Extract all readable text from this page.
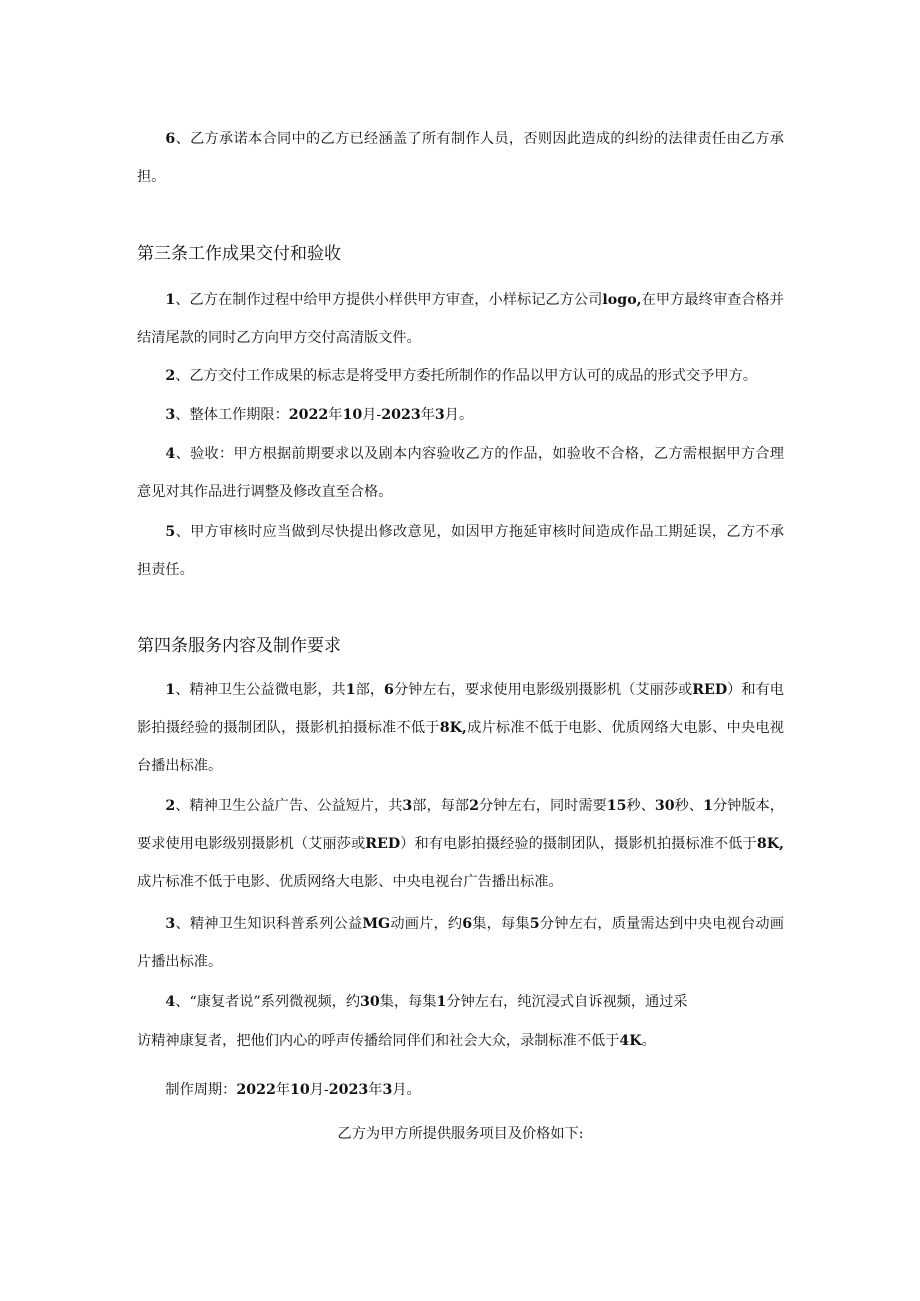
6、乙方承诺本合同中的乙方已经涵盖了所有制作人员，否则因此造成的纠纷的法律责任由乙方承担。

第三条工作成果交付和验收

1、乙方在制作过程中给甲方提供小样供甲方审查，小样标记乙方公司logo,在甲方最终审查合格并结清尾款的同时乙方向甲方交付高清版文件。

2、乙方交付工作成果的标志是将受甲方委托所制作的作品以甲方认可的成品的形式交予甲方。

3、整体工作期限：2022年10月-2023年3月。

4、验收：甲方根据前期要求以及剧本内容验收乙方的作品，如验收不合格，乙方需根据甲方合理意见对其作品进行调整及修改直至合格。

5、甲方审核时应当做到尽快提出修改意见，如因甲方拖延审核时间造成作品工期延误，乙方不承担责任。

第四条服务内容及制作要求

1、精神卫生公益微电影，共1部，6分钟左右，要求使用电影级别摄影机（艾丽莎或RED）和有电影拍摄经验的摄制团队，摄影机拍摄标准不低于8K,成片标准不低于电影、优质网络大电影、中央电视台播出标准。

2、精神卫生公益广告、公益短片，共3部，每部2分钟左右，同时需要15秒、30秒、1分钟版本，要求使用电影级别摄影机（艾丽莎或RED）和有电影拍摄经验的摄制团队，摄影机拍摄标准不低于8K,成片标准不低于电影、优质网络大电影、中央电视台广告播出标准。

3、精神卫生知识科普系列公益MG动画片，约6集，每集5分钟左右，质量需达到中央电视台动画片播出标准。

4、“康复者说”系列微视频，约30集，每集1分钟左右，纯沉浸式自诉视频，通过采

访精神康复者，把他们内心的呼声传播给同伴们和社会大众，录制标准不低于4K。

制作周期：2022年10月-2023年3月。

乙方为甲方所提供服务项目及价格如下:
